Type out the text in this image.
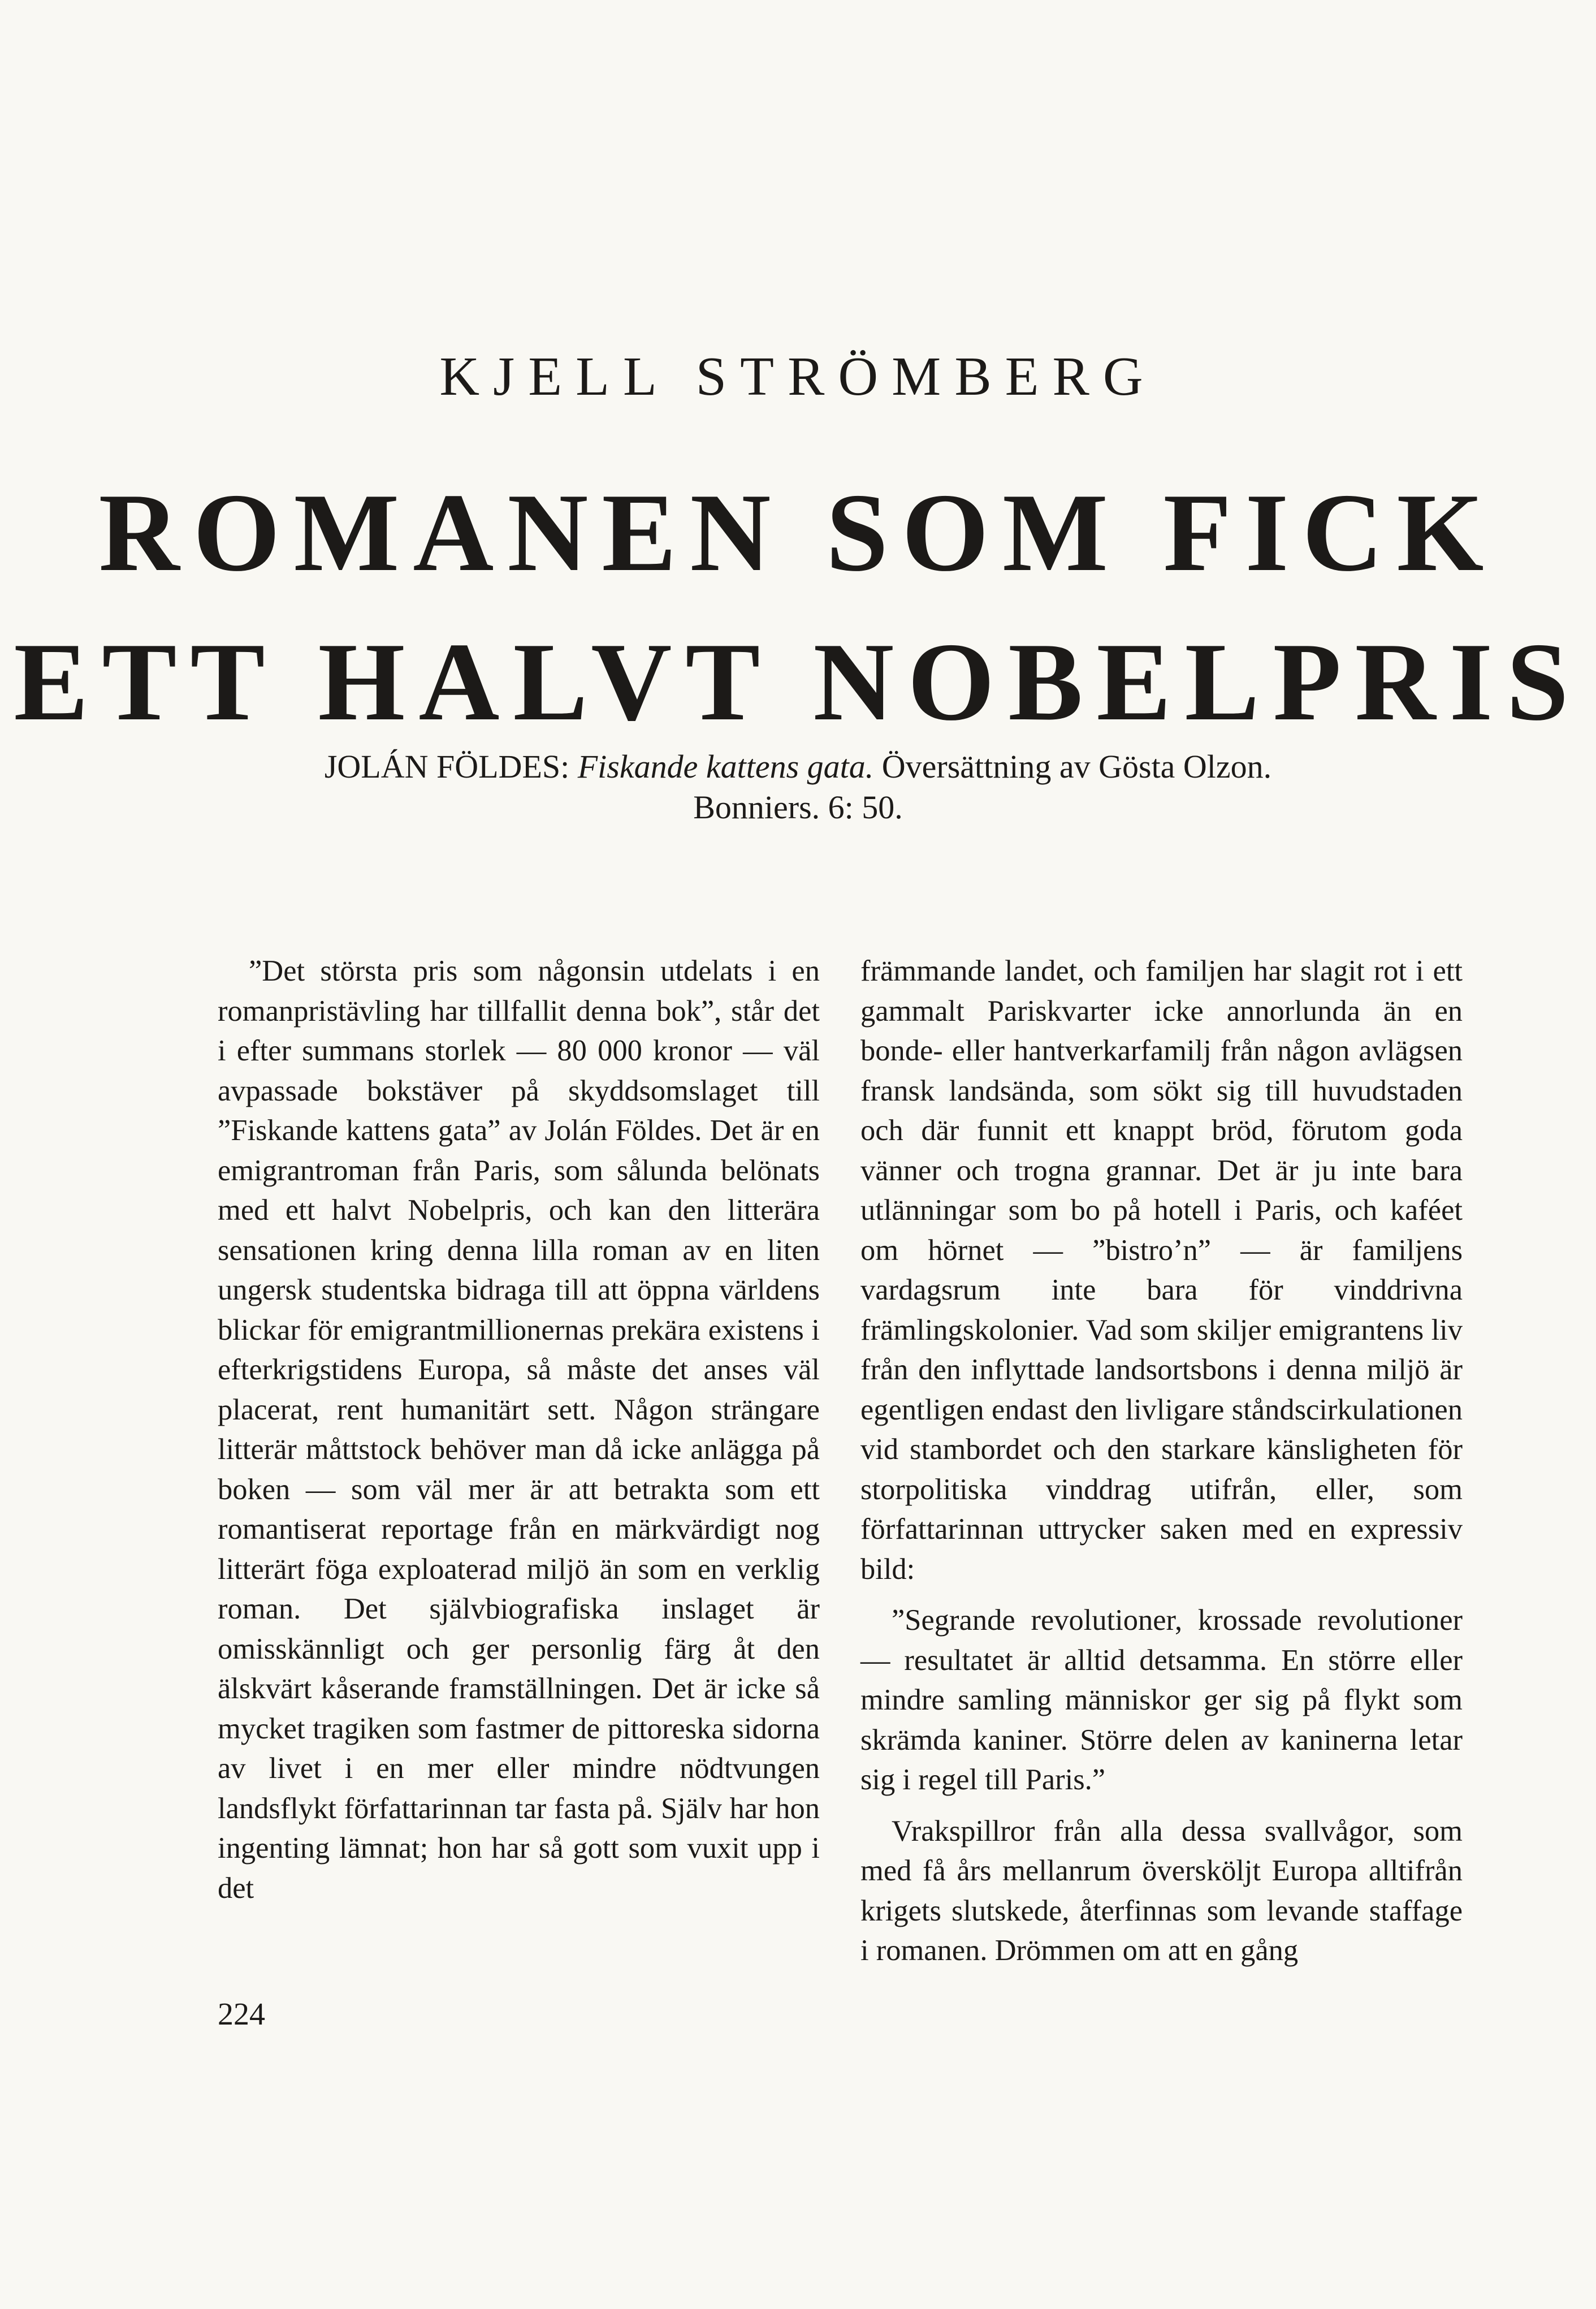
KJELL STRÖMBERG
ROMANEN SOM FICK
ETT HALVT NOBELPRIS

JOLÁN FÖLDES: Fiskande kattens gata. Översättning av Gösta Olzon.
Bonniers. 6: 50.

”Det största pris som någonsin utdelats i en romanpristävling har tillfallit denna bok”, står det i efter summans storlek — 80 000 kronor — väl avpassade bokstäver på skyddsomslaget till ”Fiskande kattens gata” av Jolán Földes. Det är en emigrantroman från Paris, som sålunda belönats med ett halvt Nobelpris, och kan den litterära sensationen kring denna lilla roman av en liten ungersk studentska bidraga till att öppna världens blickar för emigrantmillionernas prekära existens i efterkrigstidens Europa, så måste det anses väl placerat, rent humanitärt sett. Någon strängare litterär måttstock behöver man då icke anlägga på boken — som väl mer är att betrakta som ett romantiserat reportage från en märkvärdigt nog litterärt föga exploaterad miljö än som en verklig roman. Det självbiografiska inslaget är omisskännligt och ger personlig färg åt den älskvärt kåserande framställningen. Det är icke så mycket tragiken som fastmer de pittoreska sidorna av livet i en mer eller mindre nödtvungen landsflykt författarinnan tar fasta på. Själv har hon ingenting lämnat; hon har så gott som vuxit upp i det

främmande landet, och familjen har slagit rot i ett gammalt Pariskvarter icke annorlunda än en bonde- eller hantverkarfamilj från någon avlägsen fransk landsända, som sökt sig till huvudstaden och där funnit ett knappt bröd, förutom goda vänner och trogna grannar. Det är ju inte bara utlänningar som bo på hotell i Paris, och kaféet om hörnet — ”bistro’n” — är familjens vardagsrum inte bara för vinddrivna främlingskolonier. Vad som skiljer emigrantens liv från den inflyttade landsortsbons i denna miljö är egentligen endast den livligare ståndscirkulationen vid stambordet och den starkare känsligheten för storpolitiska vinddrag utifrån, eller, som författarinnan uttrycker saken med en expressiv bild:

”Segrande revolutioner, krossade revolutioner — resultatet är alltid detsamma. En större eller mindre samling människor ger sig på flykt som skrämda kaniner. Större delen av kaninerna letar sig i regel till Paris.”

Vrakspillror från alla dessa svallvågor, som med få års mellanrum översköljt Europa alltifrån krigets slutskede, återfinnas som levande staffage i romanen. Drömmen om att en gång

224
